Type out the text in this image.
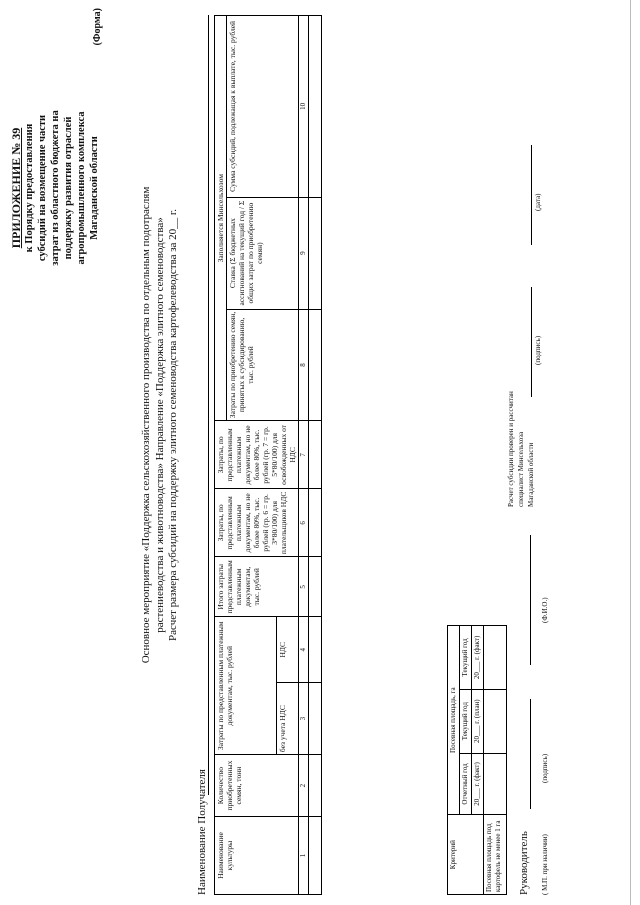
ПРИЛОЖЕНИЕ № 39 к Порядку предоставления субсидий на возмещение части затрат из областного бюджета на поддержку развития отраслей агропромышленного комплекса Магаданской области
(Форма)
Основное мероприятие «Поддержка сельскохозяйственного производства по отдельным подотраслям растениеводства и животноводства» Направление «Поддержка элитного семеноводства» Расчет размера субсидий на поддержку элитного семеноводства картофелеводства за 20__ г.
Наименование Получателя Наименование культуры	Количество приобретенных семян, тонн	Затраты по представленным платежным документам, тыс. рублей		Итого затраты представленным платежным документам, тыс. рублей	Затраты, по представленным платежным документам, но не более 80%, тыс. рублей (гр. 6 = гр. 3*80/100) для плательщиков НДС	Затраты, по представленным платежным документам, но не более 80%, тыс. рублей (гр. 7 = гр. 5*80/100) для освобожденных от НДС	Заполняется Минсельхозом		
							Затраты по приобретению семян, принятых к субсидированию, тыс. рублей	Ставка (Σ бюджетных ассигнований на текущий год / Σ общих затрат по приобретению семян)	Сумма субсидий, подлежащая к выплате, тыс. рублей
		без учета НДС	НДС						
1	2	3	4	5	6	7	8	9	10

Критерий	Посевная площадь, га		
	Отчетный год	Текущий год	Текущий год
	20___ г. (факт)	20___ г. (план)	20___ г. (факт)
Посевная площадь под картофель не менее 1 га			Руководитель ( М.П. при наличии)
(подпись)
(Ф.И.О.)
Расчет субсидии проверен и рассчитан специалист Минсельхоза Магаданской области
(подпись)
(дата)
